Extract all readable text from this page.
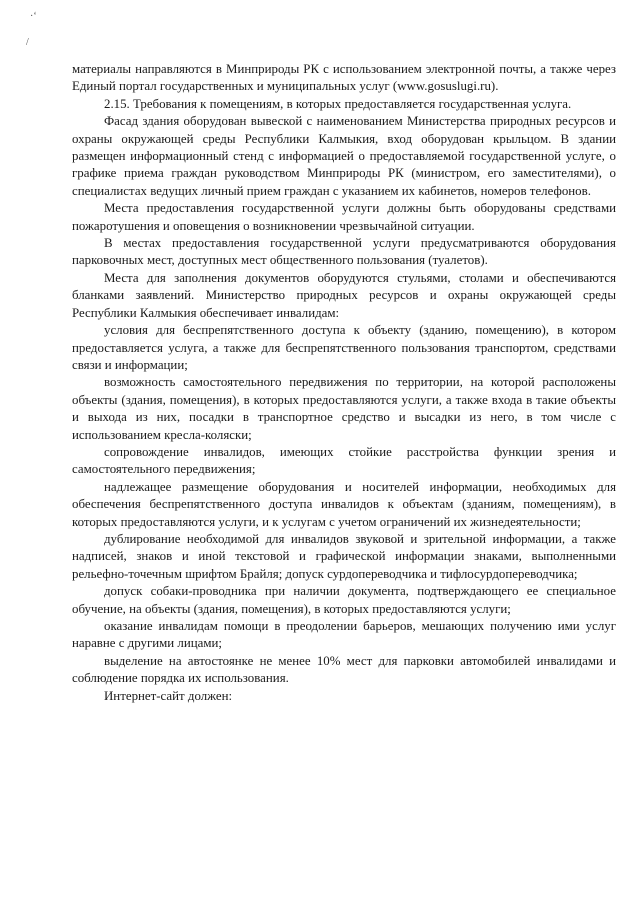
·‘
/

материалы направляются в Минприроды РК с использованием электронной почты, а также через Единый портал государственных и муниципальных услуг (www.gosuslugi.ru).

2.15. Требования к помещениям, в которых предоставляется государственная услуга.

Фасад здания оборудован вывеской с наименованием Министерства природных ресурсов и охраны окружающей среды Республики Калмыкия, вход оборудован крыльцом. В здании размещен информационный стенд с информацией о предоставляемой государственной услуге, о графике приема граждан руководством Минприроды РК (министром, его заместителями), о специалистах ведущих личный прием граждан с указанием их кабинетов, номеров телефонов.

Места предоставления государственной услуги должны быть оборудованы средствами пожаротушения и оповещения о возникновении чрезвычайной ситуации.

В местах предоставления государственной услуги предусматриваются оборудования парковочных мест, доступных мест общественного пользования (туалетов).

Места для заполнения документов оборудуются стульями, столами и обеспечиваются бланками заявлений. Министерство природных ресурсов и охраны окружающей среды Республики Калмыкия обеспечивает инвалидам:

условия для беспрепятственного доступа к объекту (зданию, помещению), в котором предоставляется услуга, а также для беспрепятственного пользования транспортом, средствами связи и информации;

возможность самостоятельного передвижения по территории, на которой расположены объекты (здания, помещения), в которых предоставляются услуги, а также входа в такие объекты и выхода из них, посадки в транспортное средство и высадки из него, в том числе с использованием кресла-коляски;

сопровождение инвалидов, имеющих стойкие расстройства функции зрения и самостоятельного передвижения;

надлежащее размещение оборудования и носителей информации, необходимых для обеспечения беспрепятственного доступа инвалидов к объектам (зданиям, помещениям), в которых предоставляются услуги, и к услугам с учетом ограничений их жизнедеятельности;

дублирование необходимой для инвалидов звуковой и зрительной информации, а также надписей, знаков и иной текстовой и графической информации знаками, выполненными рельефно-точечным шрифтом Брайля; допуск сурдопереводчика и тифлосурдопереводчика;

допуск собаки-проводника при наличии документа, подтверждающего ее специальное обучение, на объекты (здания, помещения), в которых предоставляются услуги;

оказание инвалидам помощи в преодолении барьеров, мешающих получению ими услуг наравне с другими лицами;

выделение на автостоянке не менее 10% мест для парковки автомобилей инвалидами и соблюдение порядка их использования.

Интернет-сайт должен:
